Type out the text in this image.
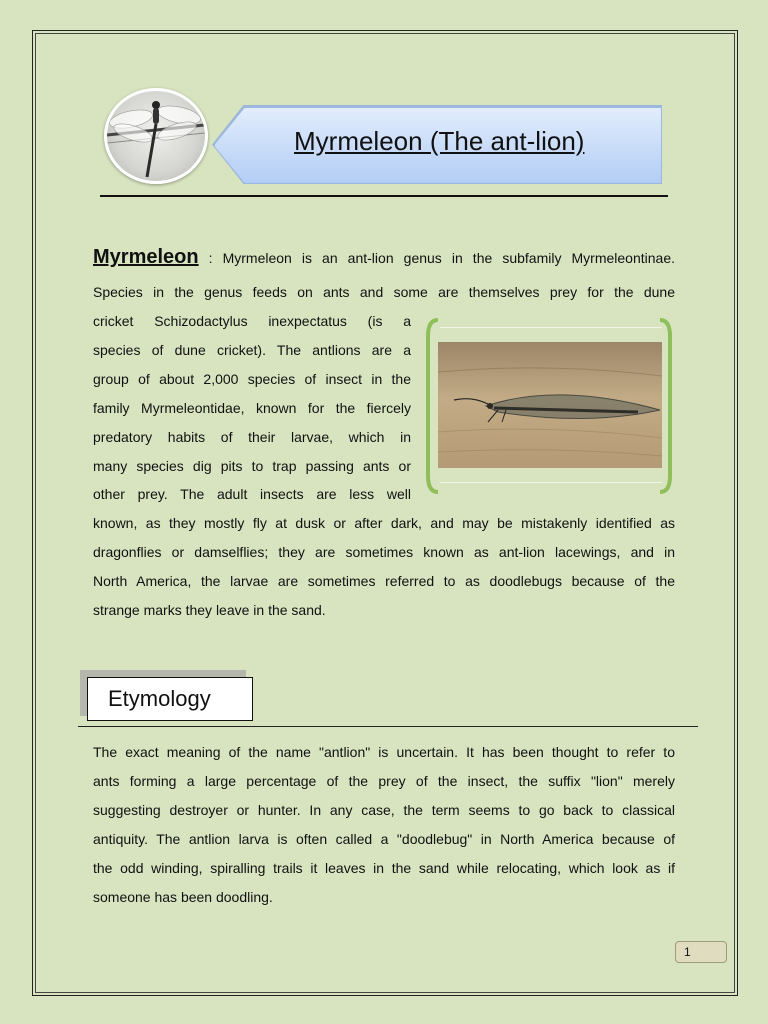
Myrmeleon (The ant-lion)
Myrmeleon : Myrmeleon is an ant-lion genus in the subfamily Myrmeleontinae.
Species in the genus feeds on ants and some are themselves prey for the dune
cricket Schizodactylus inexpectatus (is a
species of dune cricket). The antlions are a
group of about 2,000 species of insect in the
family Myrmeleontidae, known for the fiercely
predatory habits of their larvae, which in
many species dig pits to trap passing ants or
other prey. The adult insects are less well
known, as they mostly fly at dusk or after dark, and may be mistakenly identified as
dragonflies or damselflies; they are sometimes known as ant-lion lacewings, and in
North America, the larvae are sometimes referred to as doodlebugs because of the
strange marks they leave in the sand.
Etymology
The exact meaning of the name "antlion" is uncertain. It has been thought to refer to
ants forming a large percentage of the prey of the insect, the suffix "lion" merely
suggesting destroyer or hunter. In any case, the term seems to go back to classical
antiquity. The antlion larva is often called a "doodlebug" in North America because of
the odd winding, spiralling trails it leaves in the sand while relocating, which look as if
someone has been doodling.
1
